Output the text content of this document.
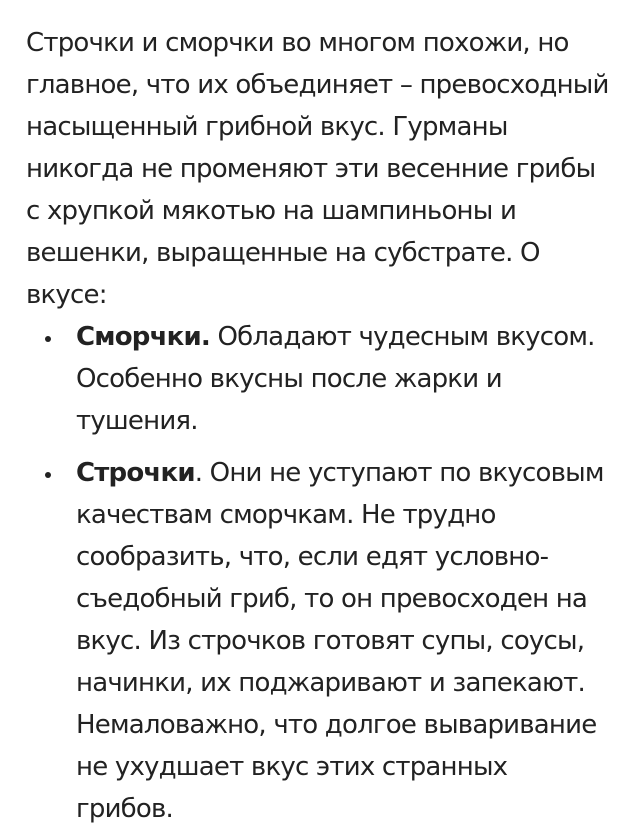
Строчки и сморчки во многом похожи, но главное, что их объединяет – превосходный насыщенный грибной вкус. Гурманы никогда не променяют эти весенние грибы с хрупкой мякотью на шампиньоны и вешенки, выращенные на субстрате. О вкусе:

Сморчки. Обладают чудесным вкусом. Особенно вкусны после жарки и тушения.
Строчки. Они не уступают по вкусовым качествам сморчкам. Не трудно сообразить, что, если едят условно-съедобный гриб, то он превосходен на вкус. Из строчков готовят супы, соусы, начинки, их поджаривают и запекают. Немаловажно, что долгое вываривание не ухудшает вкус этих странных грибов.
